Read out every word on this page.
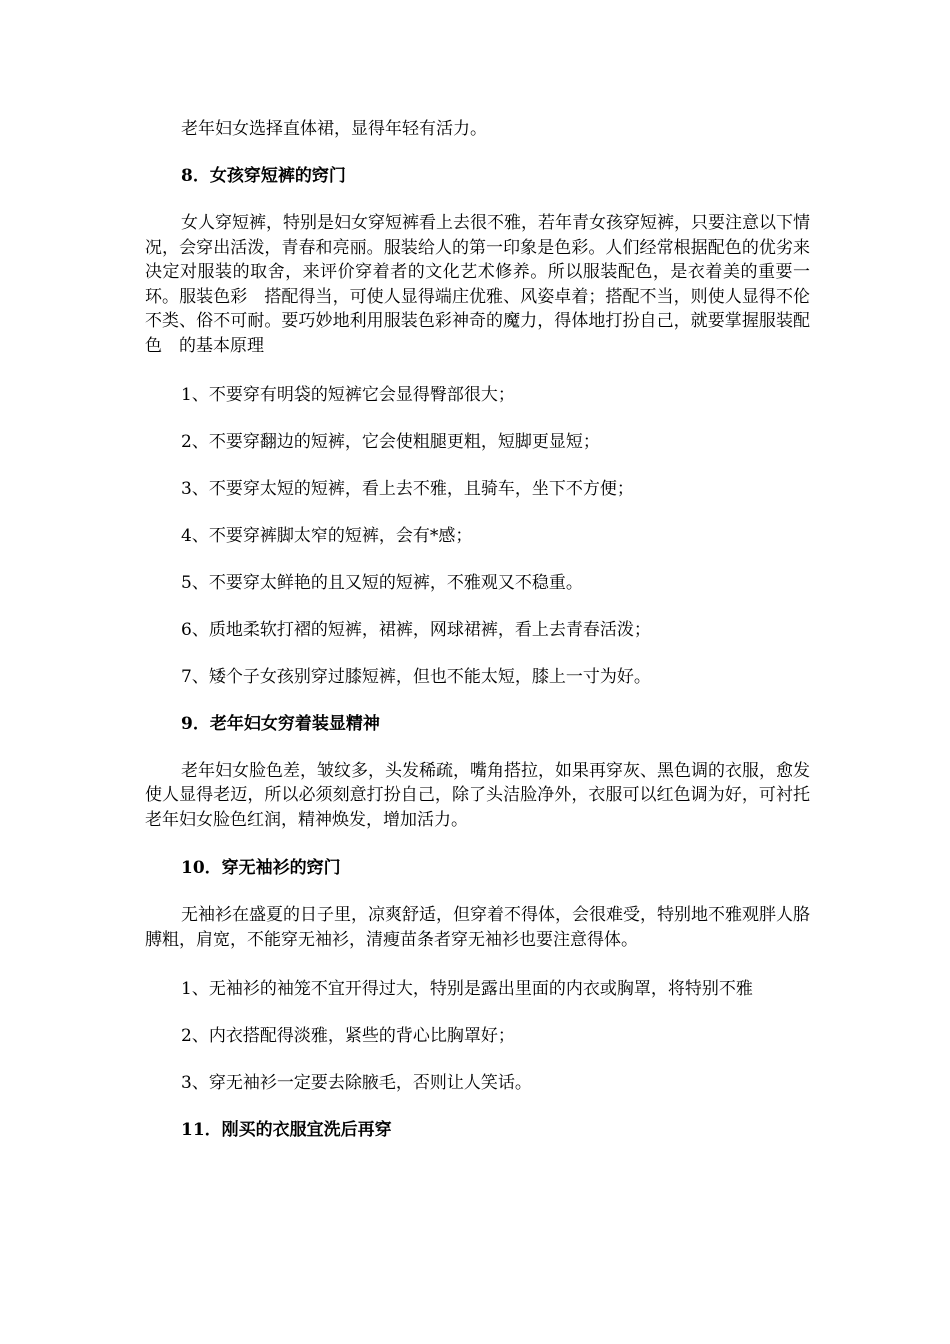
老年妇女选择直体裙，显得年轻有活力。

8．女孩穿短裤的窍门

女人穿短裤，特别是妇女穿短裤看上去很不雅，若年青女孩穿短裤，只要注意以下情况，会穿出活泼，青春和亮丽。服装给人的第一印象是色彩。人们经常根据配色的优劣来决定对服装的取舍，来评价穿着者的文化艺术修养。所以服装配色，是衣着美的重要一环。服装色彩　搭配得当，可使人显得端庄优雅、风姿卓着；搭配不当，则使人显得不伦不类、俗不可耐。要巧妙地利用服装色彩神奇的魔力，得体地打扮自己，就要掌握服装配色　的基本原理

1、不要穿有明袋的短裤它会显得臀部很大；

2、不要穿翻边的短裤，它会使粗腿更粗，短脚更显短；

3、不要穿太短的短裤，看上去不雅，且骑车，坐下不方便；

4、不要穿裤脚太窄的短裤，会有*感；

5、不要穿太鲜艳的且又短的短裤，不雅观又不稳重。

6、质地柔软打褶的短裤，裙裤，网球裙裤，看上去青春活泼；

7、矮个子女孩别穿过膝短裤，但也不能太短，膝上一寸为好。

9．老年妇女穷着装显精神

老年妇女脸色差，皱纹多，头发稀疏，嘴角搭拉，如果再穿灰、黑色调的衣服，愈发使人显得老迈，所以必须刻意打扮自己，除了头洁脸净外，衣服可以红色调为好，可衬托老年妇女脸色红润，精神焕发，增加活力。

10．穿无袖衫的窍门

无袖衫在盛夏的日子里，凉爽舒适，但穿着不得体，会很难受，特别地不雅观胖人胳膊粗，肩宽，不能穿无袖衫，清瘦苗条者穿无袖衫也要注意得体。

1、无袖衫的袖笼不宜开得过大，特别是露出里面的内衣或胸罩，将特别不雅

2、内衣搭配得淡雅，紧些的背心比胸罩好；

3、穿无袖衫一定要去除腋毛，否则让人笑话。

11．刚买的衣服宜洗后再穿
